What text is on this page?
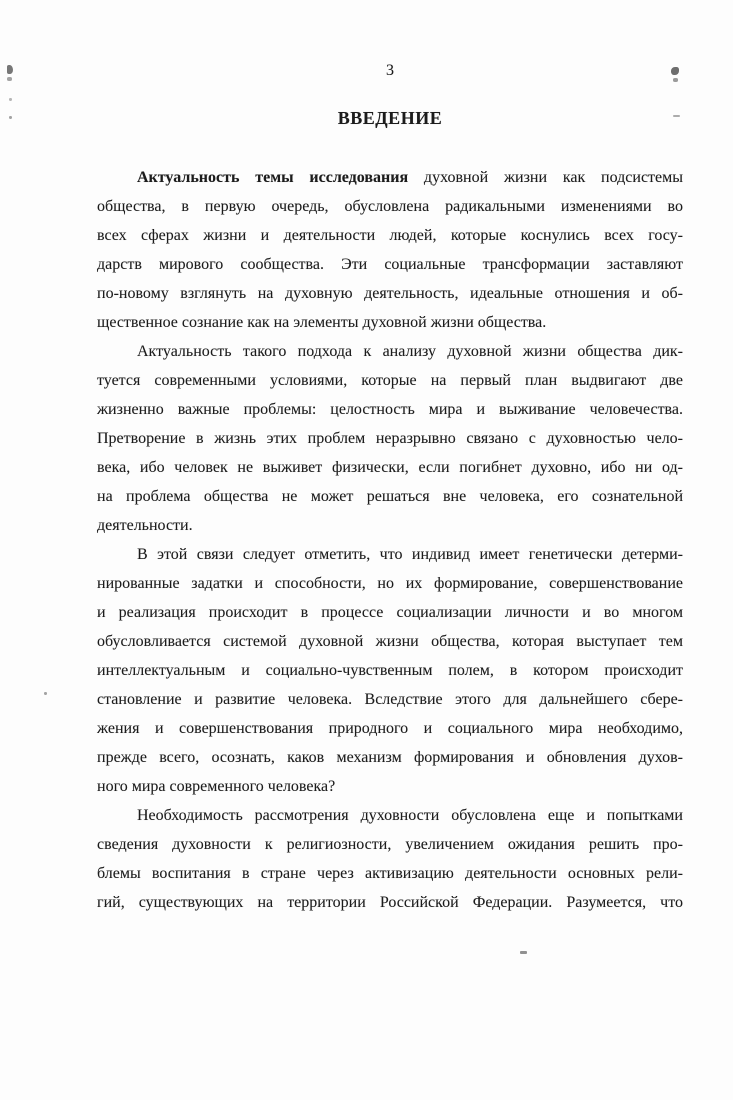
3
ВВЕДЕНИЕ
Актуальность темы исследования духовной жизни как подсистемы
общества, в первую очередь, обусловлена радикальными изменениями во
всех сферах жизни и деятельности людей, которые коснулись всех госу-
дарств мирового сообщества. Эти социальные трансформации заставляют
по-новому взглянуть на духовную деятельность, идеальные отношения и об-
щественное сознание как на элементы духовной жизни общества.
Актуальность такого подхода к анализу духовной жизни общества дик-
туется современными условиями, которые на первый план выдвигают две
жизненно важные проблемы: целостность мира и выживание человечества.
Претворение в жизнь этих проблем неразрывно связано с духовностью чело-
века, ибо человек не выживет физически, если погибнет духовно, ибо ни од-
на проблема общества не может решаться вне человека, его сознательной
деятельности.
В этой связи следует отметить, что индивид имеет генетически детерми-
нированные задатки и способности, но их формирование, совершенствование
и реализация происходит в процессе социализации личности и во многом
обусловливается системой духовной жизни общества, которая выступает тем
интеллектуальным и социально-чувственным полем, в котором происходит
становление и развитие человека. Вследствие этого для дальнейшего сбере-
жения и совершенствования природного и социального мира необходимо,
прежде всего, осознать, каков механизм формирования и обновления духов-
ного мира современного человека?
Необходимость рассмотрения духовности обусловлена еще и попытками
сведения духовности к религиозности, увеличением ожидания решить про-
блемы воспитания в стране через активизацию деятельности основных рели-
гий, существующих на территории Российской Федерации. Разумеется, что
